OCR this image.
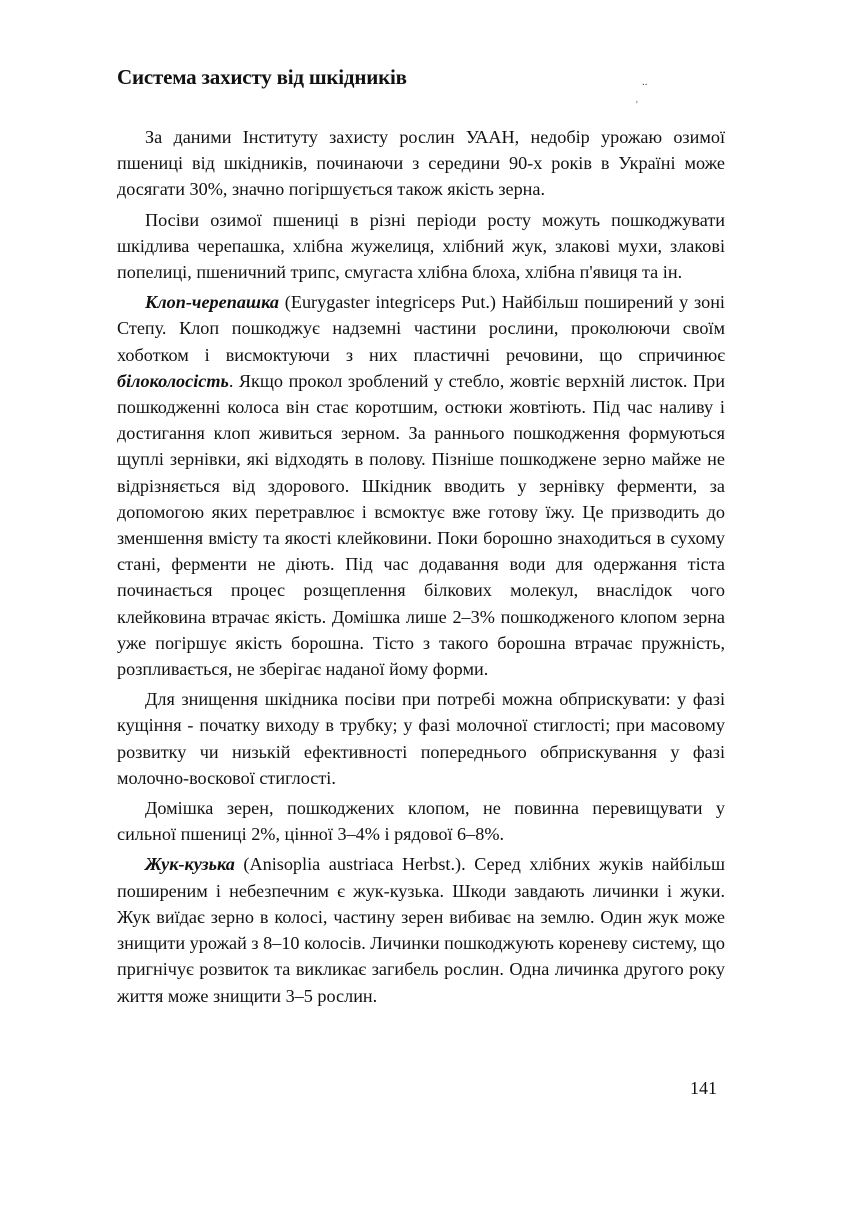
..
'
Система захисту від шкідників

За даними Інституту захисту рослин УААН, недобір урожаю озимої пшениці від шкідників, починаючи з середини 90-х років в Україні може досягати 30%, значно погіршується також якість зерна.

Посіви озимої пшениці в різні періоди росту можуть пошкоджувати шкідлива черепашка, хлібна жужелиця, хлібний жук, злакові мухи, злакові попелиці, пшеничний трипс, смугаста хлібна блоха, хлібна п'явиця та ін.

Клоп-черепашка (Eurygaster integriceps Put.) Найбільш поширений у зоні Степу. Клоп пошкоджує надземні частини рослини, проколюючи своїм хоботком і висмоктуючи з них пластичні речовини, що спричинює білоколосість. Якщо прокол зроблений у стебло, жовтіє верхній листок. При пошкодженні колоса він стає коротшим, остюки жовтіють. Під час наливу і достигання клоп живиться зерном. За раннього пошкодження формуються щуплі зернівки, які відходять в полову. Пізніше пошкоджене зерно майже не відрізняється від здорового. Шкідник вводить у зернівку ферменти, за допомогою яких перетравлює і всмоктує вже готову їжу. Це призводить до зменшення вмісту та якості клейковини. Поки борошно знаходиться в сухому стані, ферменти не діють. Під час додавання води для одержання тіста починається процес розщеплення білкових молекул, внаслідок чого клейковина втрачає якість. Домішка лише 2–3% пошкодженого клопом зерна уже погіршує якість борошна. Тісто з такого борошна втрачає пружність, розпливається, не зберігає наданої йому форми.

Для знищення шкідника посіви при потребі можна обприскувати: у фазі кущіння - початку виходу в трубку; у фазі молочної стиглості; при масовому розвитку чи низькій ефективності попереднього обприскування у фазі молочно-воскової стиглості.

Домішка зерен, пошкоджених клопом, не повинна перевищувати у сильної пшениці 2%, цінної 3–4% і рядової 6–8%.

Жук-кузька (Anisoplia austriaca Herbst.). Серед хлібних жуків найбільш поширеним і небезпечним є жук-кузька. Шкоди завдають личинки і жуки. Жук виїдає зерно в колосі, частину зерен вибиває на землю. Один жук може знищити урожай з 8–10 колосів. Личинки пошкоджують кореневу систему, що пригнічує розвиток та викликає загибель рослин. Одна личинка другого року життя може знищити 3–5 рослин.

141
